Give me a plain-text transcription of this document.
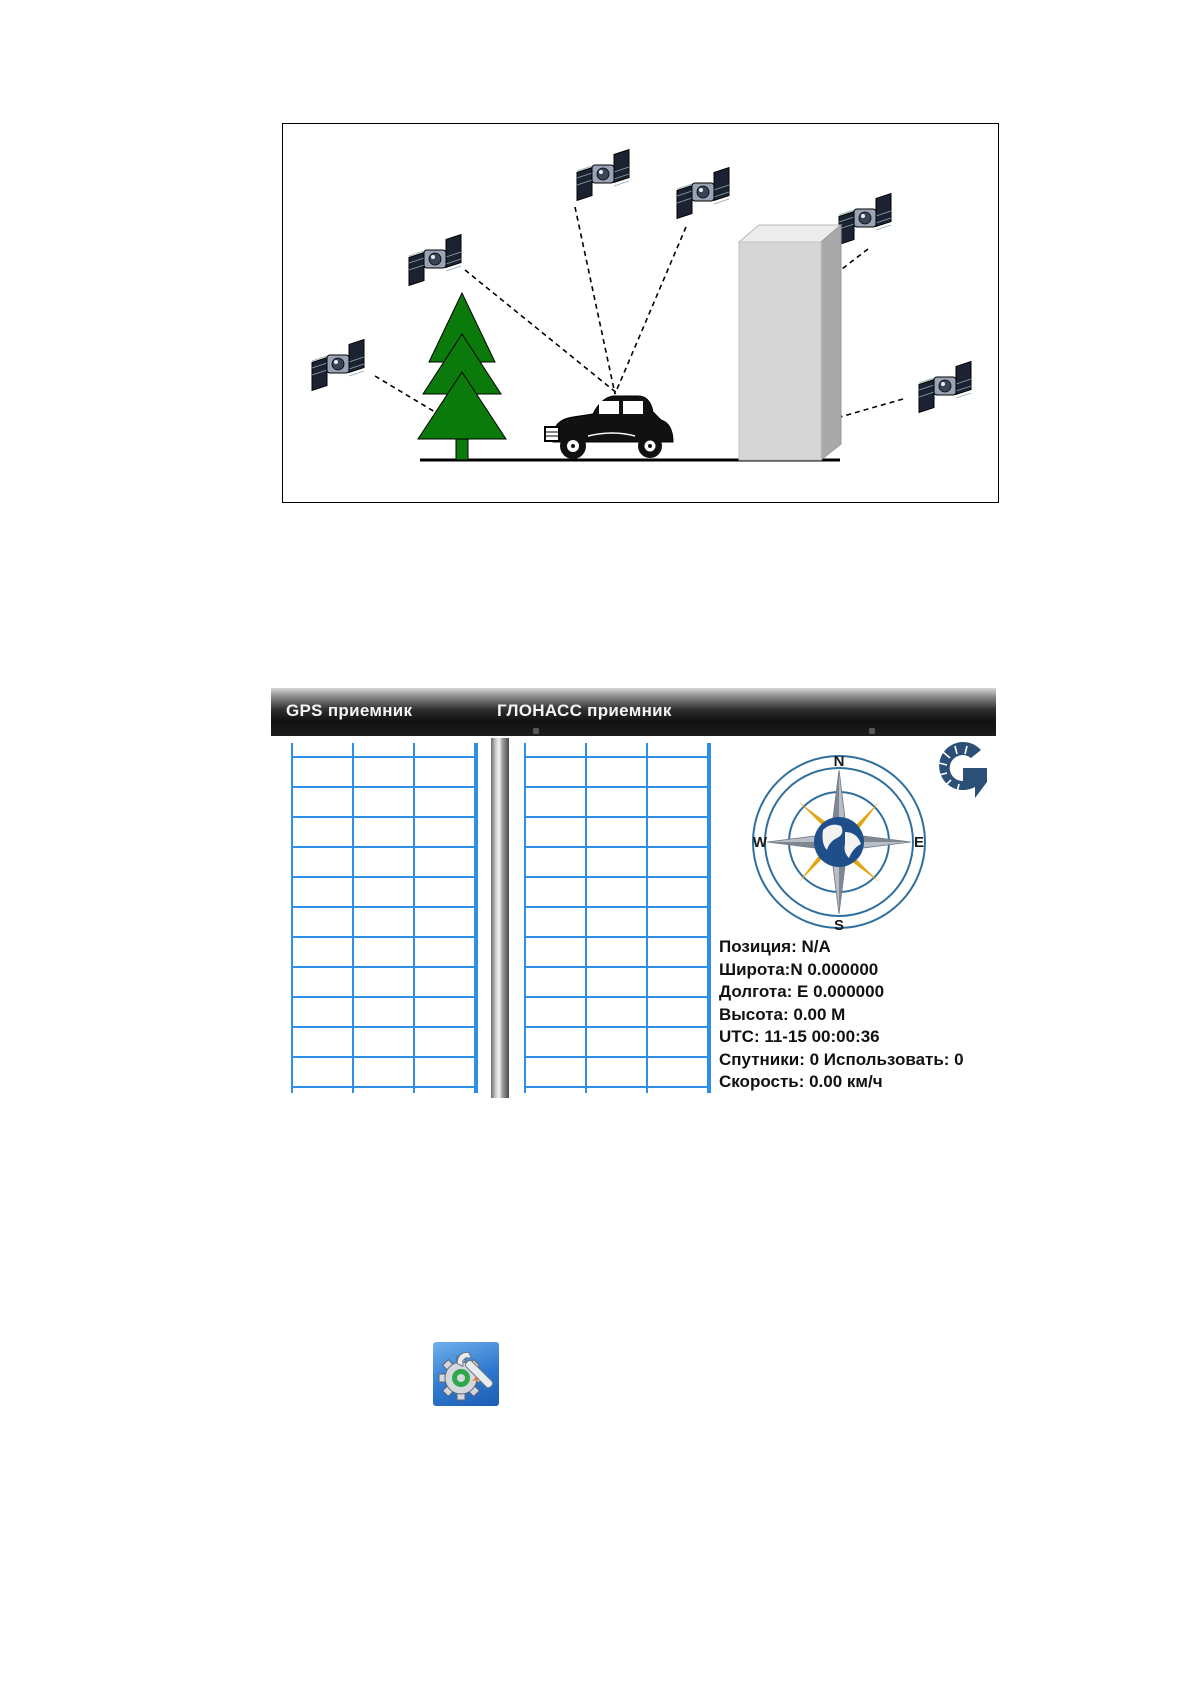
GPS приемник	ГЛОНАСС приемник
N
S
W	E
Позиция: N/A
Широта:N 0.000000
Долгота: E 0.000000
Высота: 0.00 M
UTC: 11-15 00:00:36
Спутники: 0 Использовать: 0
Скорость: 0.00 км/ч
